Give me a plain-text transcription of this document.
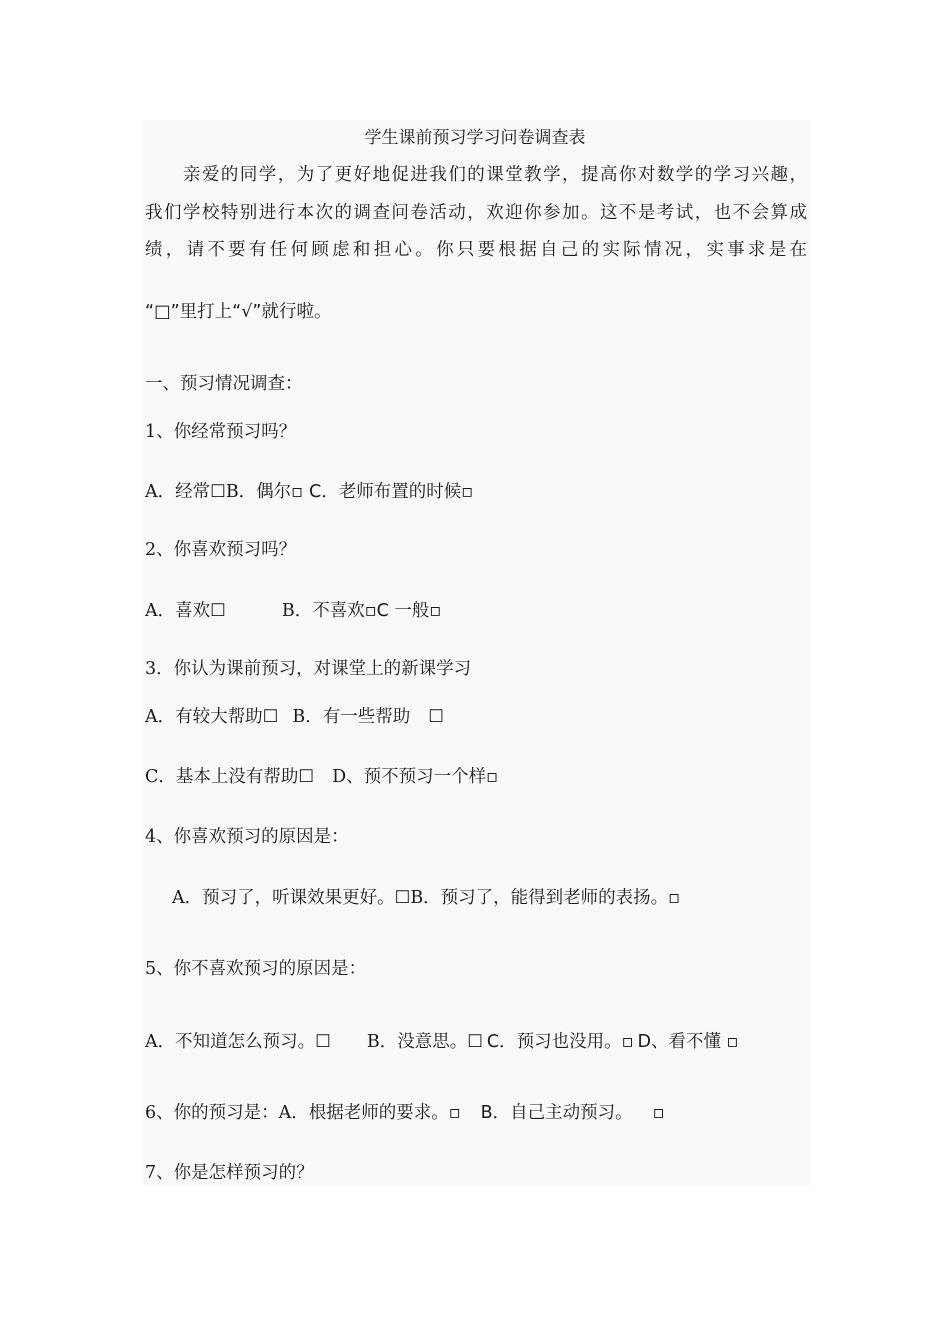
学生课前预习学习问卷调查表
亲爱的同学，为了更好地促进我们的课堂教学，提高你对数学的学习兴趣，
我们学校特别进行本次的调查问卷活动，欢迎你参加。这不是考试，也不会算成
绩，请不要有任何顾虑和担心。你只要根据自己的实际情况，实事求是在
“□”里打上“√”就行啦。
一、预习情况调查：
1、你经常预习吗？
A．经常☐B．偶尔▫ C．老师布置的时候▫
2、你喜欢预习吗？
A．喜欢☐	B．不喜欢▫C 一般▫
3．你认为课前预习，对课堂上的新课学习
A．有较大帮助☐ B．有一些帮助 ☐
C．基本上没有帮助☐ D、预不预习一个样▫
4、你喜欢预习的原因是：
A．预习了，听课效果更好。☐B．预习了，能得到老师的表扬。▫
5、你不喜欢预习的原因是：
A．不知道怎么预习。☐ B．没意思。☐ C．预习也没用。▫ D、看不懂 ▫
6、你的预习是：A．根据老师的要求。▫ B．自己主动预习。 ▫
7、你是怎样预习的？
